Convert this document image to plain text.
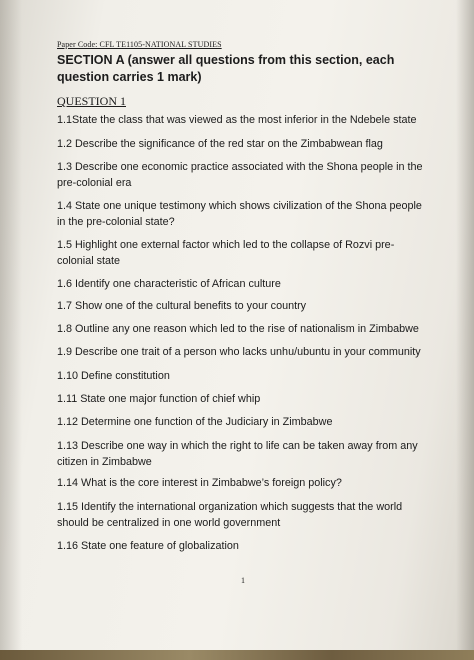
Paper Code: CFL TE1105-NATIONAL STUDIES
SECTION A (answer all questions from this section, each question carries 1 mark)
QUESTION 1
1.1State the class that was viewed as the most inferior in the Ndebele state
1.2 Describe the significance of the red star on the Zimbabwean flag
1.3 Describe one economic practice associated with the Shona people in the
pre-colonial era
1.4 State one unique testimony which shows civilization of the Shona people
in the pre-colonial state?
1.5 Highlight one external factor which led to the collapse of Rozvi pre-
colonial state
1.6 Identify one characteristic of African culture
1.7 Show one of the cultural benefits to your country
1.8 Outline any one reason which led to the rise of nationalism in Zimbabwe
1.9 Describe one trait of a person who lacks unhu/ubuntu in your community
1.10 Define constitution
1.11 State one major function of chief whip
1.12 Determine one function of the Judiciary in Zimbabwe
1.13 Describe one way in which the right to life can be taken away from any
citizen in Zimbabwe
1.14 What is the core interest in Zimbabwe’s foreign policy?
1.15 Identify the international organization which suggests that the world
should be centralized in one world government
1.16 State one feature of globalization
1
